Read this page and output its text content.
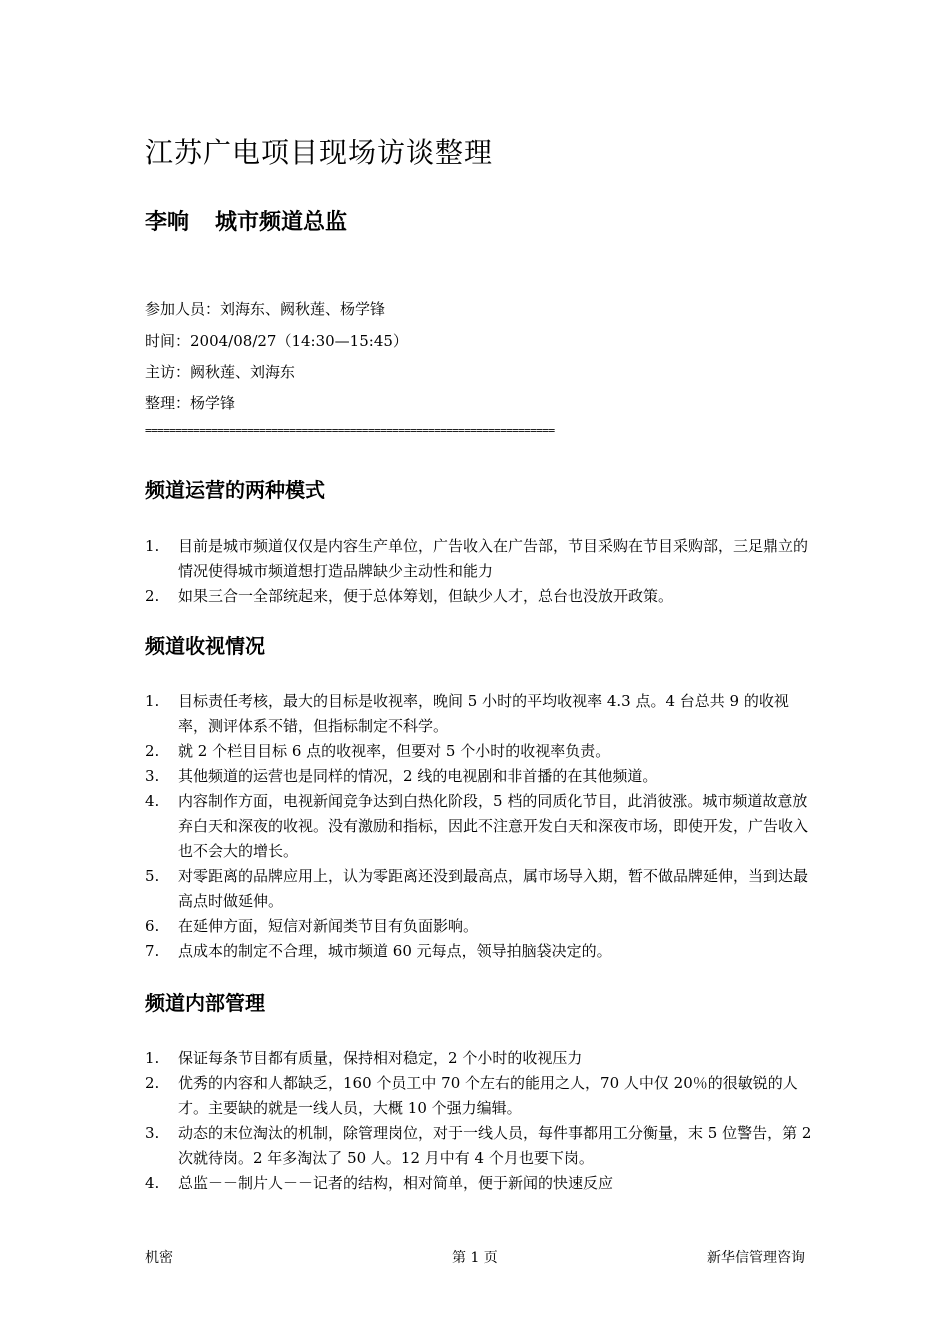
江苏广电项目现场访谈整理
李响 城市频道总监
参加人员：刘海东、阙秋莲、杨学锋
时间：2004/08/27（14:30—15:45）
主访：阙秋莲、刘海东
整理：杨学锋
====================================================================
频道运营的两种模式
1. 目前是城市频道仅仅是内容生产单位，广告收入在广告部，节目采购在节目采购部，三足鼎立的情况使得城市频道想打造品牌缺少主动性和能力
2. 如果三合一全部统起来，便于总体筹划，但缺少人才，总台也没放开政策。
频道收视情况
1. 目标责任考核，最大的目标是收视率，晚间 5 小时的平均收视率 4.3 点。4 台总共 9 的收视率，测评体系不错，但指标制定不科学。
2. 就 2 个栏目目标 6 点的收视率，但要对 5 个小时的收视率负责。
3. 其他频道的运营也是同样的情况，2 线的电视剧和非首播的在其他频道。
4. 内容制作方面，电视新闻竞争达到白热化阶段，5 档的同质化节目，此消彼涨。城市频道故意放弃白天和深夜的收视。没有激励和指标，因此不注意开发白天和深夜市场，即使开发，广告收入也不会大的增长。
5. 对零距离的品牌应用上，认为零距离还没到最高点，属市场导入期，暂不做品牌延伸，当到达最高点时做延伸。
6. 在延伸方面，短信对新闻类节目有负面影响。
7. 点成本的制定不合理，城市频道 60 元每点，领导拍脑袋决定的。
频道内部管理
1. 保证每条节目都有质量，保持相对稳定，2 个小时的收视压力
2. 优秀的内容和人都缺乏，160 个员工中 70 个左右的能用之人，70 人中仅 20％的很敏锐的人才。主要缺的就是一线人员，大概 10 个强力编辑。
3. 动态的末位淘汰的机制，除管理岗位，对于一线人员，每件事都用工分衡量，末 5 位警告，第 2 次就待岗。2 年多淘汰了 50 人。12 月中有 4 个月也要下岗。
4. 总监－－制片人－－记者的结构，相对简单，便于新闻的快速反应
机密	第 1 页	新华信管理咨询
